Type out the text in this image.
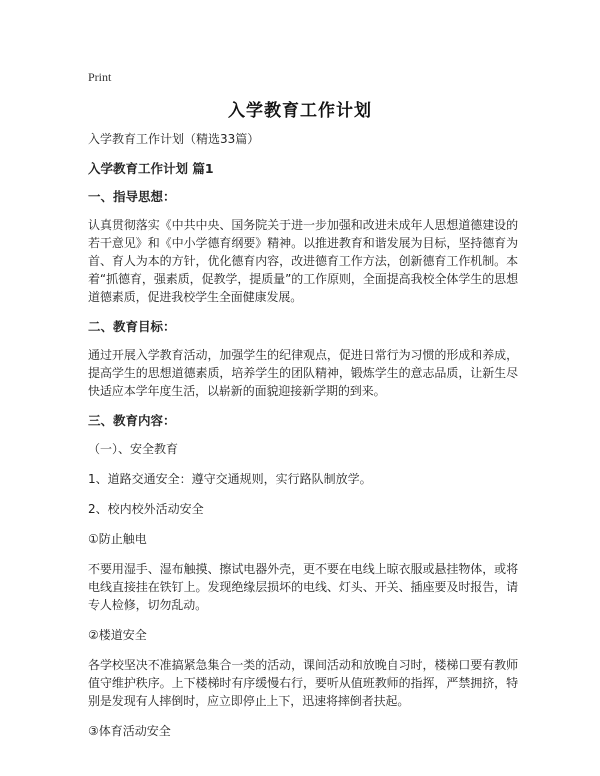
Print
入学教育工作计划

入学教育工作计划（精选33篇）

入学教育工作计划 篇1

一、指导思想：

认真贯彻落实《中共中央、国务院关于进一步加强和改进未成年人思想道德建设的若干意见》和《中小学德育纲要》精神。以推进教育和谐发展为目标，坚持德育为首、育人为本的方针，优化德育内容，改进德育工作方法，创新德育工作机制。本着“抓德育，强素质，促教学，提质量”的工作原则，全面提高我校全体学生的思想道德素质，促进我校学生全面健康发展。

二、教育目标：

通过开展入学教育活动，加强学生的纪律观点，促进日常行为习惯的形成和养成，提高学生的思想道德素质，培养学生的团队精神，锻炼学生的意志品质，让新生尽快适应本学年度生活，以崭新的面貌迎接新学期的到来。

三、教育内容：

（一）、安全教育

1、道路交通安全：遵守交通规则，实行路队制放学。

2、校内校外活动安全

①防止触电

不要用湿手、湿布触摸、擦试电器外壳，更不要在电线上晾衣服或悬挂物体，或将电线直接挂在铁钉上。发现绝缘层损坏的电线、灯头、开关、插座要及时报告，请专人检修，切勿乱动。

②楼道安全

各学校坚决不准搞紧急集合一类的活动，课间活动和放晚自习时，楼梯口要有教师值守维护秩序。上下楼梯时有序缓慢右行，要听从值班教师的指挥，严禁拥挤，特别是发现有人摔倒时，应立即停止上下，迅速将摔倒者扶起。

③体育活动安全
